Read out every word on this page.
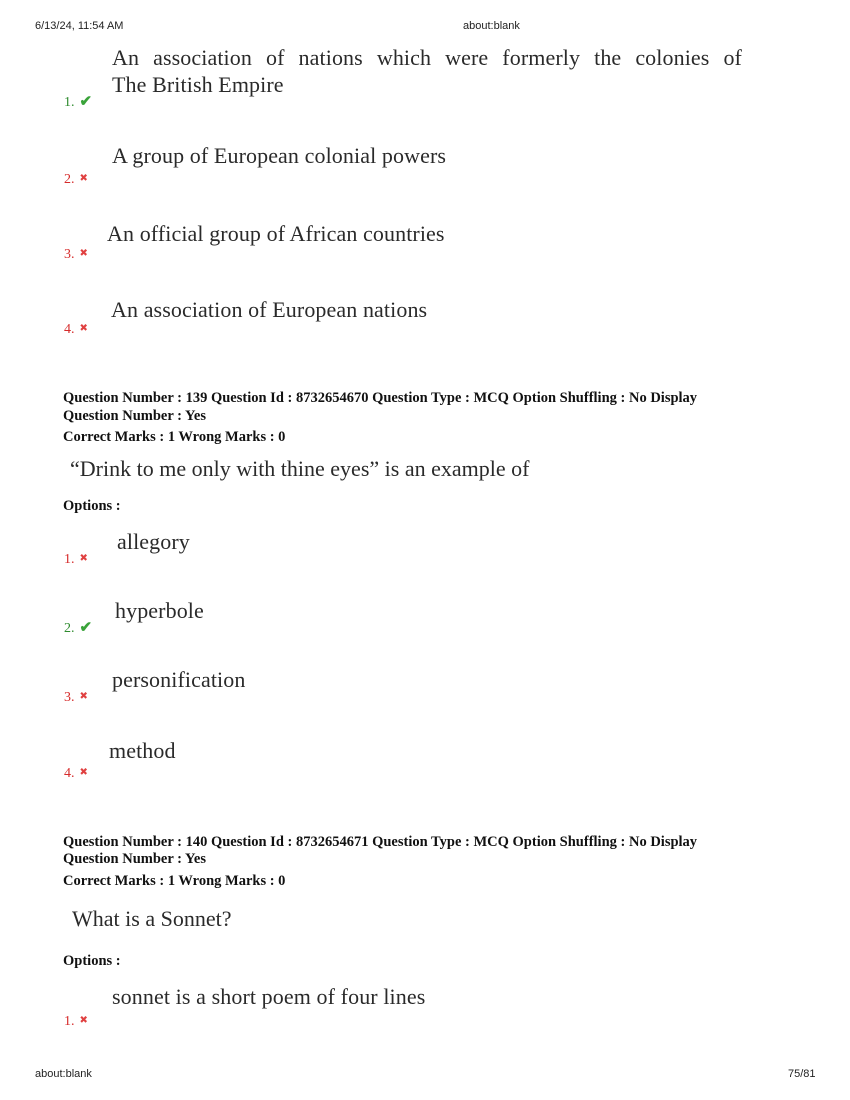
6/13/24, 11:54 AM	about:blank
An association of nations which were formerly the colonies of
The British Empire
1. ✔
A group of European colonial powers
2. ✖
An official group of African countries
3. ✖
An association of European nations
4. ✖
Question Number : 139 Question Id : 8732654670 Question Type : MCQ Option Shuffling : No Display
Question Number : Yes
Correct Marks : 1 Wrong Marks : 0
“Drink to me only with thine eyes” is an example of
Options :
allegory
1. ✖
hyperbole
2. ✔
personification
3. ✖
method
4. ✖
Question Number : 140 Question Id : 8732654671 Question Type : MCQ Option Shuffling : No Display
Question Number : Yes
Correct Marks : 1 Wrong Marks : 0
What is a Sonnet?
Options :
sonnet is a short poem of four lines
1. ✖
about:blank	75/81
